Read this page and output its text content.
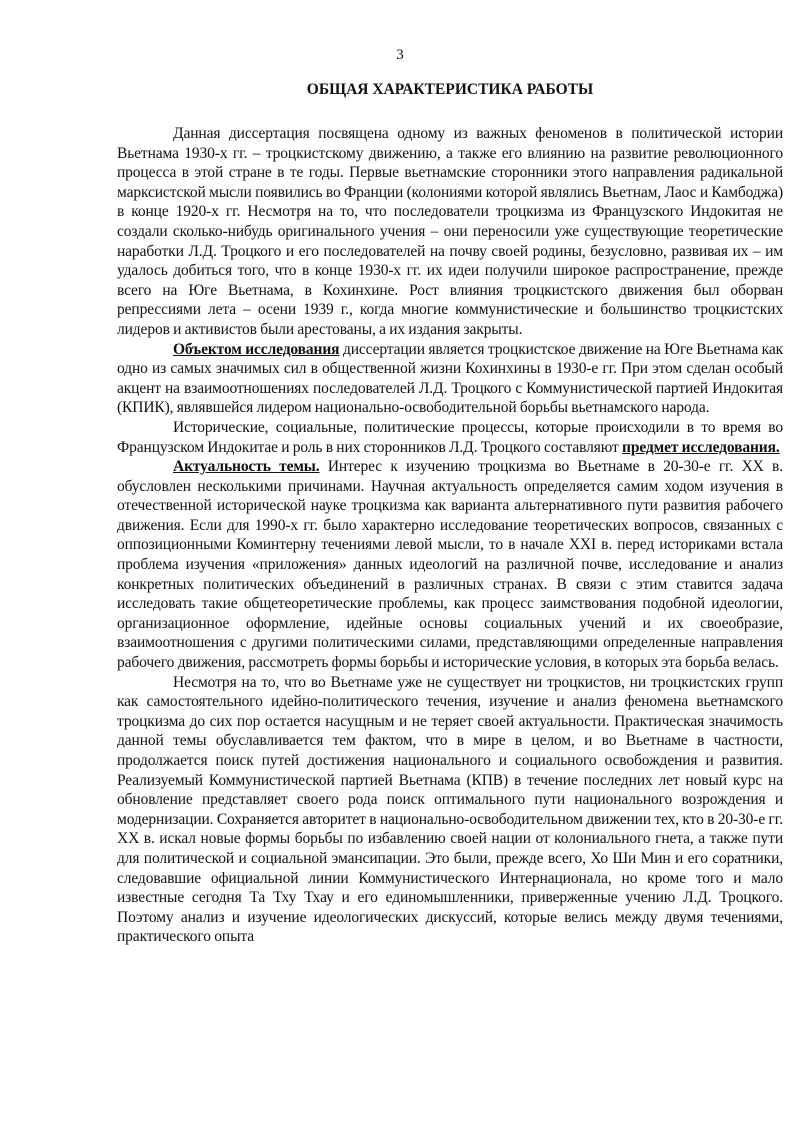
3
ОБЩАЯ ХАРАКТЕРИСТИКА РАБОТЫ

Данная диссертация посвящена одному из важных феноменов в политической истории Вьетнама 1930-х гг. – троцкистскому движению, а также его влиянию на развитие революционного процесса в этой стране в те годы. Первые вьетнамские сторонники этого направления радикальной марксистской мысли появились во Франции (колониями которой являлись Вьетнам, Лаос и Камбоджа) в конце 1920-х гг. Несмотря на то, что последователи троцкизма из Французского Индокитая не создали сколько-нибудь оригинального учения – они переносили уже существующие теоретические наработки Л.Д. Троцкого и его последователей на почву своей родины, безусловно, развивая их – им удалось добиться того, что в конце 1930-х гг. их идеи получили широкое распространение, прежде всего на Юге Вьетнама, в Кохинхине. Рост влияния троцкистского движения был оборван репрессиями лета – осени 1939 г., когда многие коммунистические и большинство троцкистских лидеров и активистов были арестованы, а их издания закрыты.

Объектом исследования диссертации является троцкистское движение на Юге Вьетнама как одно из самых значимых сил в общественной жизни Кохинхины в 1930-е гг. При этом сделан особый акцент на взаимоотношениях последователей Л.Д. Троцкого с Коммунистической партией Индокитая (КПИК), являвшейся лидером национально-освободительной борьбы вьетнамского народа.

Исторические, социальные, политические процессы, которые происходили в то время во Французском Индокитае и роль в них сторонников Л.Д. Троцкого составляют предмет исследования.

Актуальность темы. Интерес к изучению троцкизма во Вьетнаме в 20-30-е гг. XX в. обусловлен несколькими причинами. Научная актуальность определяется самим ходом изучения в отечественной исторической науке троцкизма как варианта альтернативного пути развития рабочего движения. Если для 1990-х гг. было характерно исследование теоретических вопросов, связанных с оппозиционными Коминтерну течениями левой мысли, то в начале XXI в. перед историками встала проблема изучения «приложения» данных идеологий на различной почве, исследование и анализ конкретных политических объединений в различных странах. В связи с этим ставится задача исследовать такие общетеоретические проблемы, как процесс заимствования подобной идеологии, организационное оформление, идейные основы социальных учений и их своеобразие, взаимоотношения с другими политическими силами, представляющими определенные направления рабочего движения, рассмотреть формы борьбы и исторические условия, в которых эта борьба велась.

Несмотря на то, что во Вьетнаме уже не существует ни троцкистов, ни троцкистских групп как самостоятельного идейно-политического течения, изучение и анализ феномена вьетнамского троцкизма до сих пор остается насущным и не теряет своей актуальности. Практическая значимость данной темы обуславливается тем фактом, что в мире в целом, и во Вьетнаме в частности, продолжается поиск путей достижения национального и социального освобождения и развития. Реализуемый Коммунистической партией Вьетнама (КПВ) в течение последних лет новый курс на обновление представляет своего рода поиск оптимального пути национального возрождения и модернизации. Сохраняется авторитет в национально-освободительном движении тех, кто в 20-30-е гг. XX в. искал новые формы борьбы по избавлению своей нации от колониального гнета, а также пути для политической и социальной эмансипации. Это были, прежде всего, Хо Ши Мин и его соратники, следовавшие официальной линии Коммунистического Интернационала, но кроме того и мало известные сегодня Та Тху Тхау и его единомышленники, приверженные учению Л.Д. Троцкого. Поэтому анализ и изучение идеологических дискуссий, которые велись между двумя течениями, практического опыта
